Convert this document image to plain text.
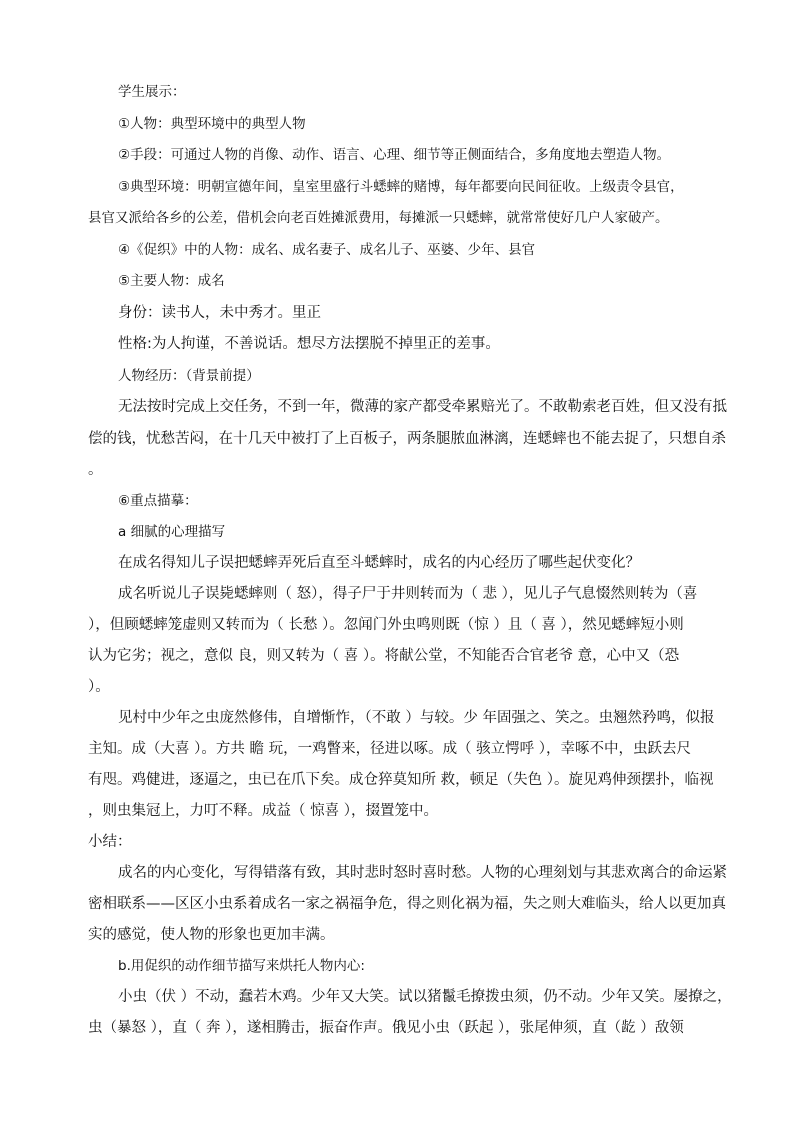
学生展示：
①人物：典型环境中的典型人物
②手段：可通过人物的肖像、动作、语言、心理、细节等正侧面结合，多角度地去塑造人物。
③典型环境：明朝宣德年间，皇室里盛行斗蟋蟀的赌博，每年都要向民间征收。上级责令县官，
县官又派给各乡的公差，借机会向老百姓摊派费用，每摊派一只蟋蟀，就常常使好几户人家破产。
④《促织》中的人物：成名、成名妻子、成名儿子、巫婆、少年、县官
⑤主要人物：成名
身份：读书人，未中秀才。里正
性格:为人拘谨，不善说话。想尽方法摆脱不掉里正的差事。
人物经历：（背景前提）
无法按时完成上交任务，不到一年，微薄的家产都受牵累赔光了。不敢勒索老百姓，但又没有抵
偿的钱，忧愁苦闷，在十几天中被打了上百板子，两条腿脓血淋漓，连蟋蟀也不能去捉了，只想自杀
。
⑥重点描摹：
a 细腻的心理描写
在成名得知儿子误把蟋蟀弄死后直至斗蟋蟀时，成名的内心经历了哪些起伏变化？
成名听说儿子误毙蟋蟀则（ 怒），得子尸于井则转而为（ 悲 ），见儿子气息惙然则转为（喜
），但顾蟋蟀笼虚则又转而为（ 长愁 ）。忽闻门外虫鸣则既（惊 ）且（ 喜 ），然见蟋蟀短小则
认为它劣；视之，意似 良，则又转为（ 喜 ）。将献公堂，不知能否合官老爷 意，心中又（恐
）。
见村中少年之虫庞然修伟，自增惭怍，（不敢 ）与较。少 年固强之、笑之。虫翘然矜鸣，似报
主知。成（大喜 ）。方共 瞻 玩，一鸡瞥来，径进以啄。成（ 骇立愕呼 ），幸啄不中，虫跃去尺
有咫。鸡健进，逐逼之，虫已在爪下矣。成仓猝莫知所 救，顿足（失色 ）。旋见鸡伸颈摆扑，临视
，则虫集冠上，力叮不释。成益（ 惊喜 ），掇置笼中。
小结：
成名的内心变化，写得错落有致，其时悲时怒时喜时愁。人物的心理刻划与其悲欢离合的命运紧
密相联系——区区小虫系着成名一家之祸福争危，得之则化祸为福，失之则大难临头，给人以更加真
实的感觉，使人物的形象也更加丰满。
b.用促织的动作细节描写来烘托人物内心:
小虫（伏 ）不动，蠢若木鸡。少年又大笑。试以猪鬣毛撩拨虫须，仍不动。少年又笑。屡撩之，
虫（暴怒 ），直（ 奔 ），遂相腾击，振奋作声。俄见小虫（跃起 ），张尾伸须，直（龁 ）敌领
